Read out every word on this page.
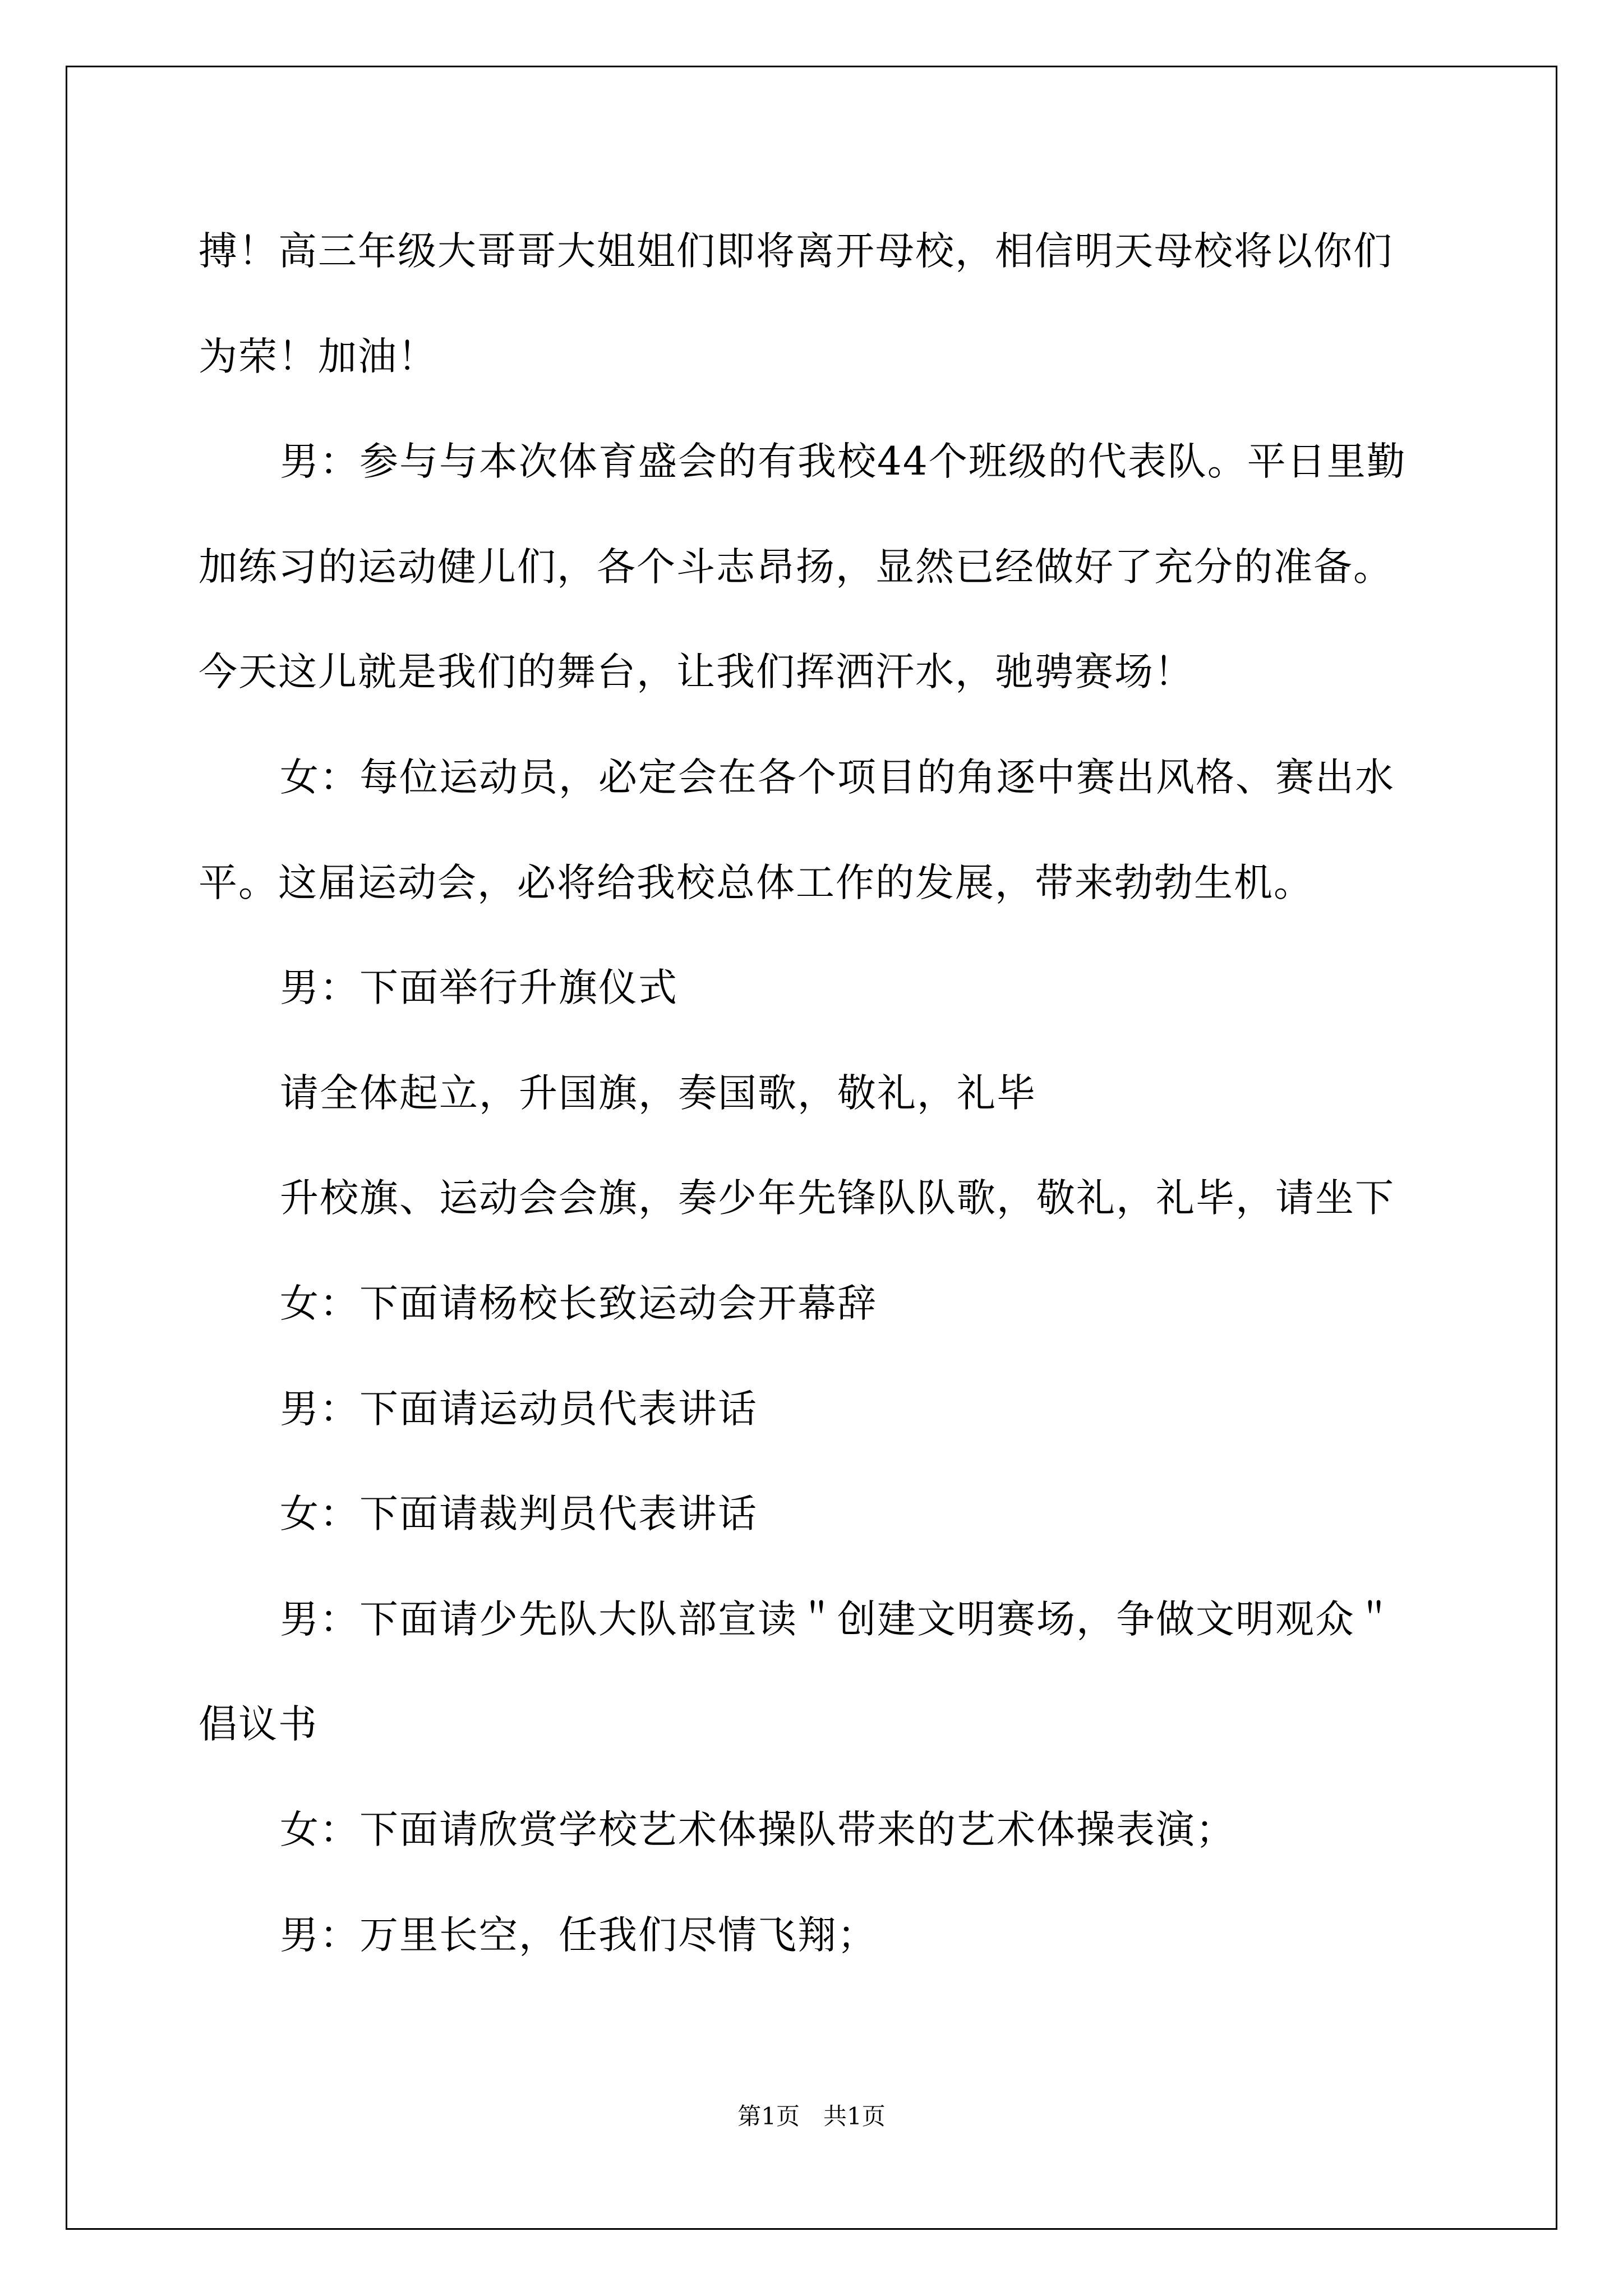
搏！高三年级大哥哥大姐姐们即将离开母校，相信明天母校将以你们
为荣！加油！
男：参与与本次体育盛会的有我校44个班级的代表队。平日里勤
加练习的运动健儿们，各个斗志昂扬，显然已经做好了充分的准备。
今天这儿就是我们的舞台，让我们挥洒汗水，驰骋赛场！
女：每位运动员，必定会在各个项目的角逐中赛出风格、赛出水
平。这届运动会，必将给我校总体工作的发展，带来勃勃生机。
男：下面举行升旗仪式
请全体起立，升国旗，奏国歌，敬礼，礼毕
升校旗、运动会会旗，奏少年先锋队队歌，敬礼，礼毕，请坐下
女：下面请杨校长致运动会开幕辞
男：下面请运动员代表讲话
女：下面请裁判员代表讲话
男：下面请少先队大队部宣读＂创建文明赛场，争做文明观众＂
倡议书
女：下面请欣赏学校艺术体操队带来的艺术体操表演；
男：万里长空，任我们尽情飞翔；
第1页　共1页
